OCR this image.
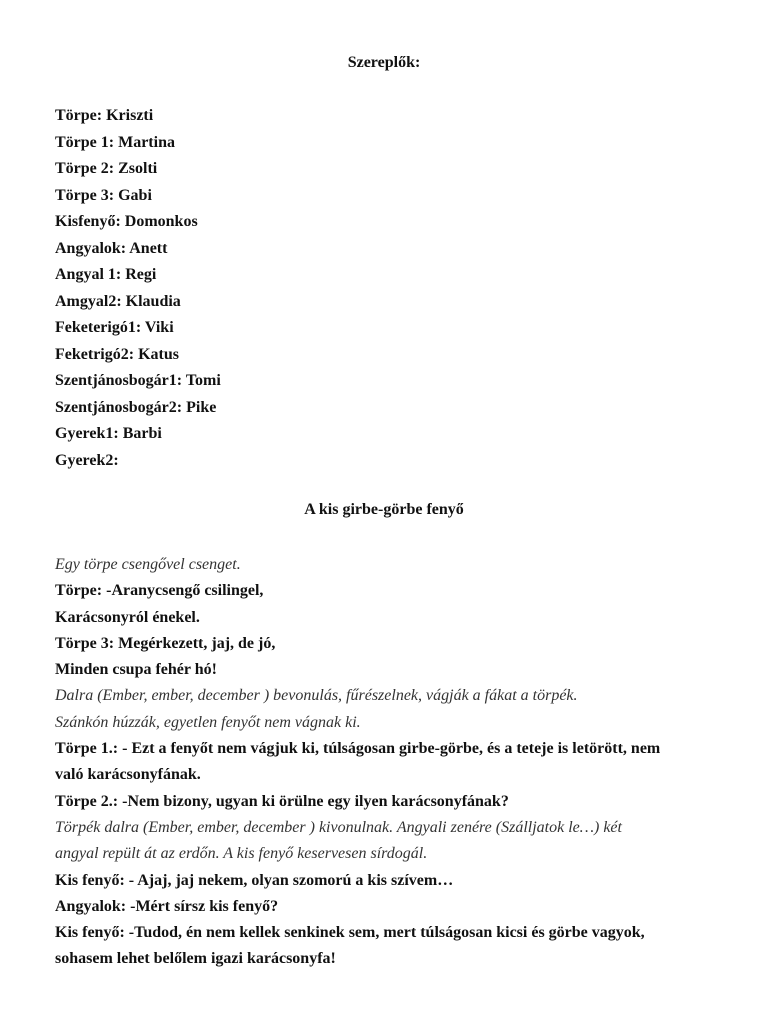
Szereplők:
Törpe: Kriszti
Törpe 1: Martina
Törpe 2: Zsolti
Törpe 3: Gabi
Kisfenyő: Domonkos
Angyalok: Anett
Angyal 1: Regi
Amgyal2: Klaudia
Feketerigó1: Viki
Feketrigó2: Katus
Szentjánosbogár1: Tomi
Szentjánosbogár2: Pike
Gyerek1: Barbi
Gyerek2:
A kis girbe-görbe fenyő
Egy törpe csengővel csenget.
Törpe: -Aranycsengő csilingel,
Karácsonyról énekel.
Törpe 3: Megérkezett, jaj, de jó,
Minden csupa fehér hó!
Dalra (Ember, ember, december ) bevonulás, fűrészelnek, vágják a fákat a törpék.
Szánkón húzzák, egyetlen fenyőt nem vágnak ki.
Törpe 1.: - Ezt a fenyőt nem vágjuk ki, túlságosan girbe-görbe, és a teteje is letörött, nem
való karácsonyfának.
Törpe 2.: -Nem bizony, ugyan ki örülne egy ilyen karácsonyfának?
Törpék dalra (Ember, ember, december ) kivonulnak. Angyali zenére (Szálljatok le…) két
angyal repült át az erdőn. A kis fenyő keservesen sírdogál.
Kis fenyő: - Ajaj, jaj nekem, olyan szomorú a kis szívem…
Angyalok: -Mért sírsz kis fenyő?
Kis fenyő: -Tudod, én nem kellek senkinek sem, mert túlságosan kicsi és görbe vagyok,
sohasem lehet belőlem igazi karácsonyfa!
